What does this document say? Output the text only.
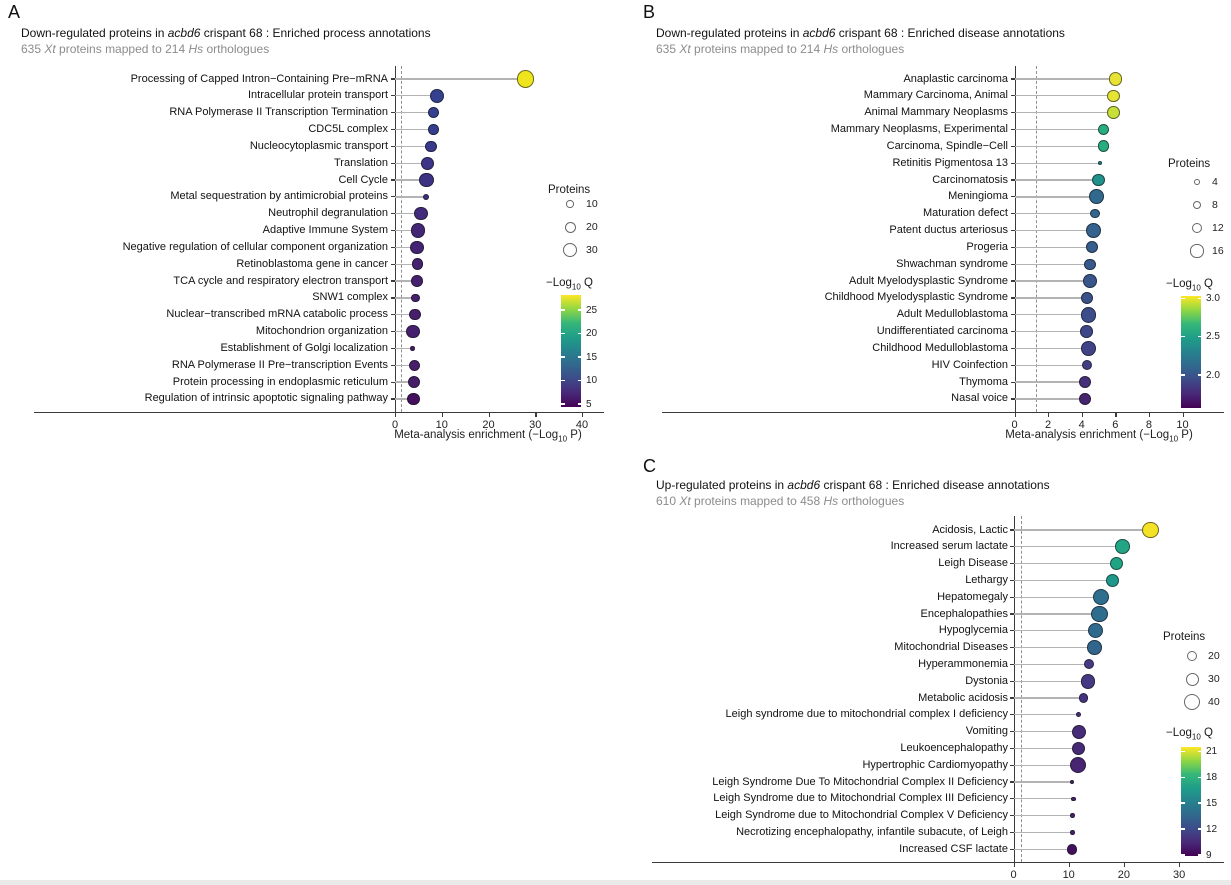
A
Down-regulated proteins in acbd6 crispant 68 : Enriched process annotations
635 Xt proteins mapped to 214 Hs orthologues
B
Down-regulated proteins in acbd6 crispant 68 : Enriched disease annotations
635 Xt proteins mapped to 214 Hs orthologues
C
Up-regulated proteins in acbd6 crispant 68 : Enriched disease annotations
610 Xt proteins mapped to 458 Hs orthologues
Processing of Capped Intron−Containing Pre−mRNA
Intracellular protein transport
RNA Polymerase II Transcription Termination
CDC5L complex
Nucleocytoplasmic transport
Translation
Cell Cycle
Metal sequestration by antimicrobial proteins
Neutrophil degranulation
Adaptive Immune System
Negative regulation of cellular component organization
Retinoblastoma gene in cancer
TCA cycle and respiratory electron transport
SNW1 complex
Nuclear−transcribed mRNA catabolic process
Mitochondrion organization
Establishment of Golgi localization
RNA Polymerase II Pre−transcription Events
Protein processing in endoplasmic reticulum
Regulation of intrinsic apoptotic signaling pathway
0	10	20	30	40
Meta-analysis enrichment (−Log$_{10}$ P)
Proteins
10
20
30
−Log$_{10}$ Q
25
20
15
10
5
Anaplastic carcinoma
Mammary Carcinoma, Animal
Animal Mammary Neoplasms
Mammary Neoplasms, Experimental
Carcinoma, Spindle−Cell
Retinitis Pigmentosa 13
Carcinomatosis
Meningioma
Maturation defect
Patent ductus arteriosus
Progeria
Shwachman syndrome
Adult Myelodysplastic Syndrome
Childhood Myelodysplastic Syndrome
Adult Medulloblastoma
Undifferentiated carcinoma
Childhood Medulloblastoma
HIV Coinfection
Thymoma
Nasal voice
0	2	4	6	8	10
Meta-analysis enrichment (−Log$_{10}$ P)
Proteins
4
8
12
16
−Log$_{10}$ Q
3.0
2.5
2.0
Acidosis, Lactic
Increased serum lactate
Leigh Disease
Lethargy
Hepatomegaly
Encephalopathies
Hypoglycemia
Mitochondrial Diseases
Hyperammonemia
Dystonia
Metabolic acidosis
Leigh syndrome due to mitochondrial complex I deficiency
Vomiting
Leukoencephalopathy
Hypertrophic Cardiomyopathy
Leigh Syndrome Due To Mitochondrial Complex II Deficiency
Leigh Syndrome due to Mitochondrial Complex III Deficiency
Leigh Syndrome due to Mitochondrial Complex V Deficiency
Necrotizing encephalopathy, infantile subacute, of Leigh
Increased CSF lactate
0	10	20	30
Proteins
20
30
40
−Log$_{10}$ Q
21
18
15
12
9
